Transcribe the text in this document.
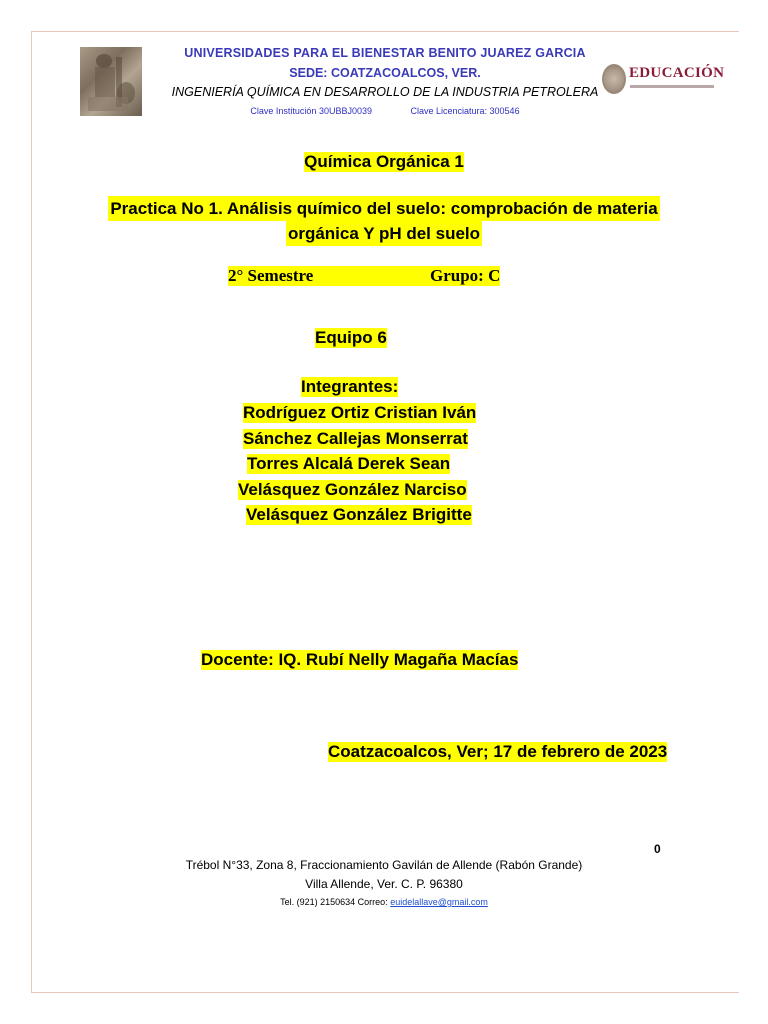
UNIVERSIDADES PARA EL BIENESTAR BENITO JUAREZ GARCIA
SEDE: COATZACOALCOS, VER.
INGENIERÍA QUÍMICA EN DESARROLLO DE LA INDUSTRIA PETROLERA
Clave Institución 30UBBJ0039	Clave Licenciatura: 300546
EDUCACIÓN
Química Orgánica 1
Practica No 1. Análisis químico del suelo: comprobación de materia
orgánica Y pH del suelo
2° Semestre	Grupo: C
Equipo 6
Integrantes:
Rodríguez Ortiz Cristian Iván
Sánchez Callejas Monserrat
Torres Alcalá Derek Sean
Velásquez González Narciso
Velásquez González Brigitte
Docente: IQ. Rubí Nelly Magaña Macías
Coatzacoalcos, Ver; 17 de febrero de 2023
0
Trébol N°33, Zona 8, Fraccionamiento Gavilán de Allende (Rabón Grande)
Villa Allende, Ver. C. P. 96380
Tel. (921) 2150634 Correo: euidelallave@gmail.com
